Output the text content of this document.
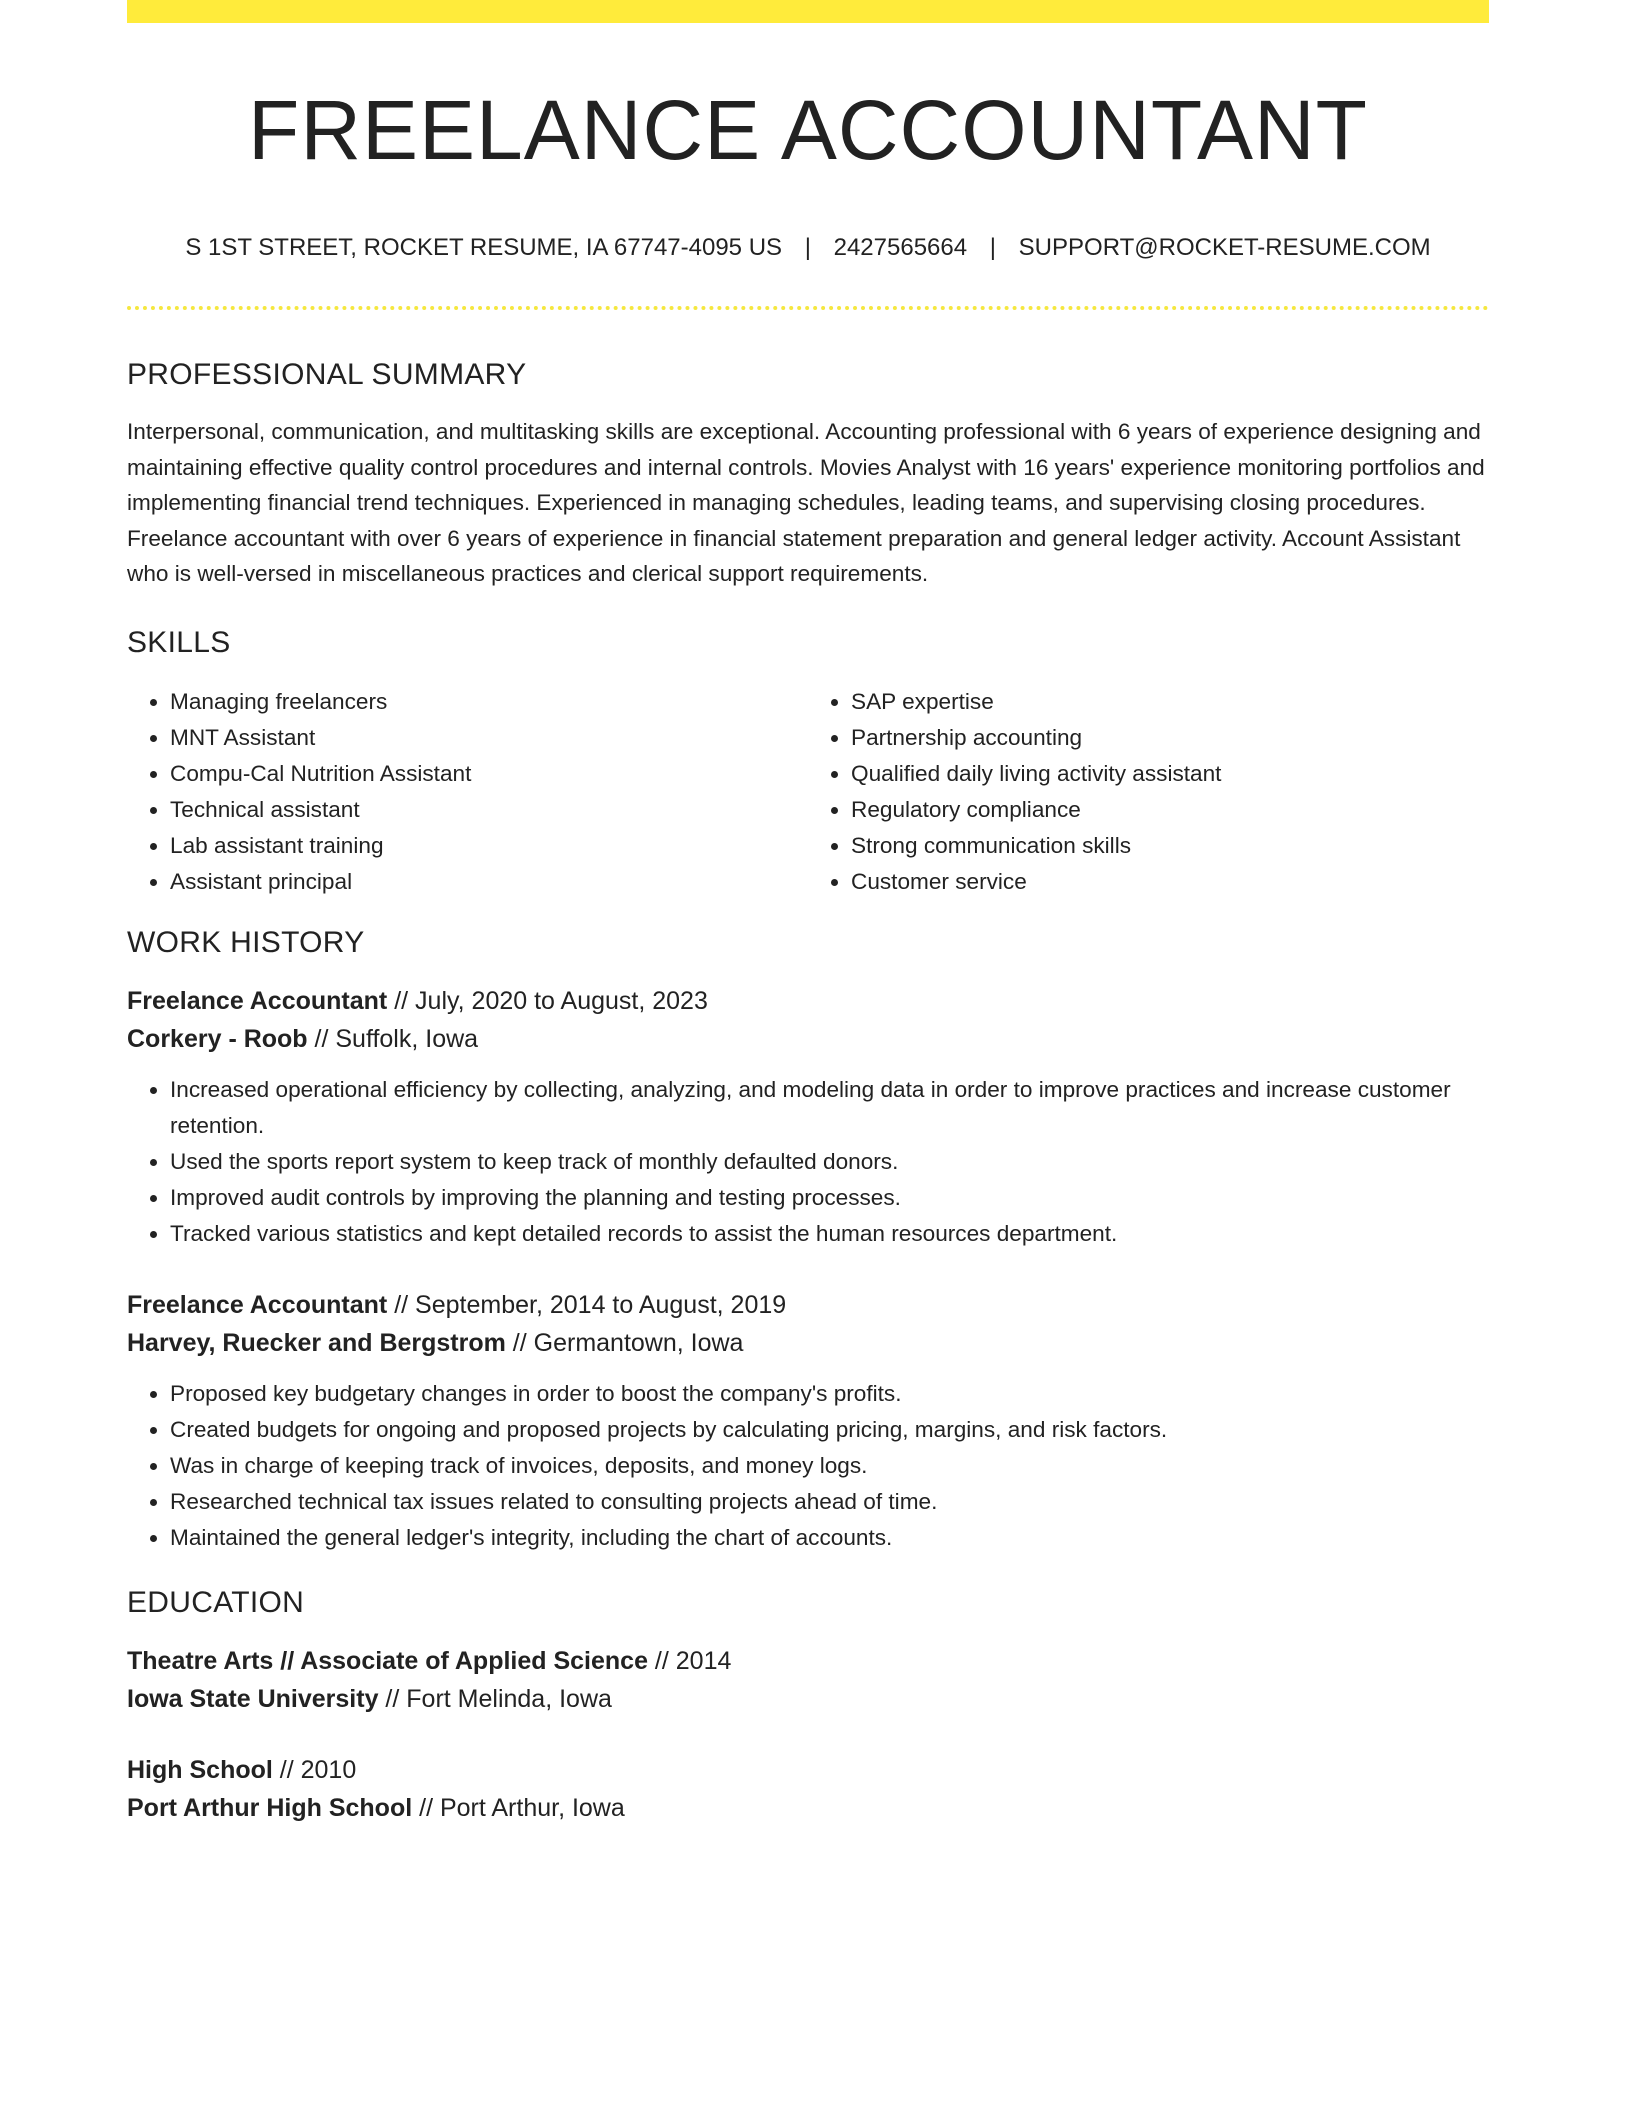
FREELANCE ACCOUNTANT
S 1ST STREET, ROCKET RESUME, IA 67747-4095 US | 2427565664 | SUPPORT@ROCKET-RESUME.COM
PROFESSIONAL SUMMARY

Interpersonal, communication, and multitasking skills are exceptional. Accounting professional with 6 years of experience designing and maintaining effective quality control procedures and internal controls. Movies Analyst with 16 years' experience monitoring portfolios and implementing financial trend techniques. Experienced in managing schedules, leading teams, and supervising closing procedures. Freelance accountant with over 6 years of experience in financial statement preparation and general ledger activity. Account Assistant who is well-versed in miscellaneous practices and clerical support requirements.

SKILLS
• Managing freelancers
• MNT Assistant
• Compu-Cal Nutrition Assistant
• Technical assistant
• Lab assistant training
• Assistant principal
• SAP expertise
• Partnership accounting
• Qualified daily living activity assistant
• Regulatory compliance
• Strong communication skills
• Customer service
WORK HISTORY
Freelance Accountant // July, 2020 to August, 2023
Corkery - Roob // Suffolk, Iowa
• Increased operational efficiency by collecting, analyzing, and modeling data in order to improve practices and increase customer retention.
• Used the sports report system to keep track of monthly defaulted donors.
• Improved audit controls by improving the planning and testing processes.
• Tracked various statistics and kept detailed records to assist the human resources department.
Freelance Accountant // September, 2014 to August, 2019
Harvey, Ruecker and Bergstrom // Germantown, Iowa
• Proposed key budgetary changes in order to boost the company's profits.
• Created budgets for ongoing and proposed projects by calculating pricing, margins, and risk factors.
• Was in charge of keeping track of invoices, deposits, and money logs.
• Researched technical tax issues related to consulting projects ahead of time.
• Maintained the general ledger's integrity, including the chart of accounts.
EDUCATION
Theatre Arts // Associate of Applied Science // 2014
Iowa State University // Fort Melinda, Iowa
High School // 2010
Port Arthur High School // Port Arthur, Iowa
